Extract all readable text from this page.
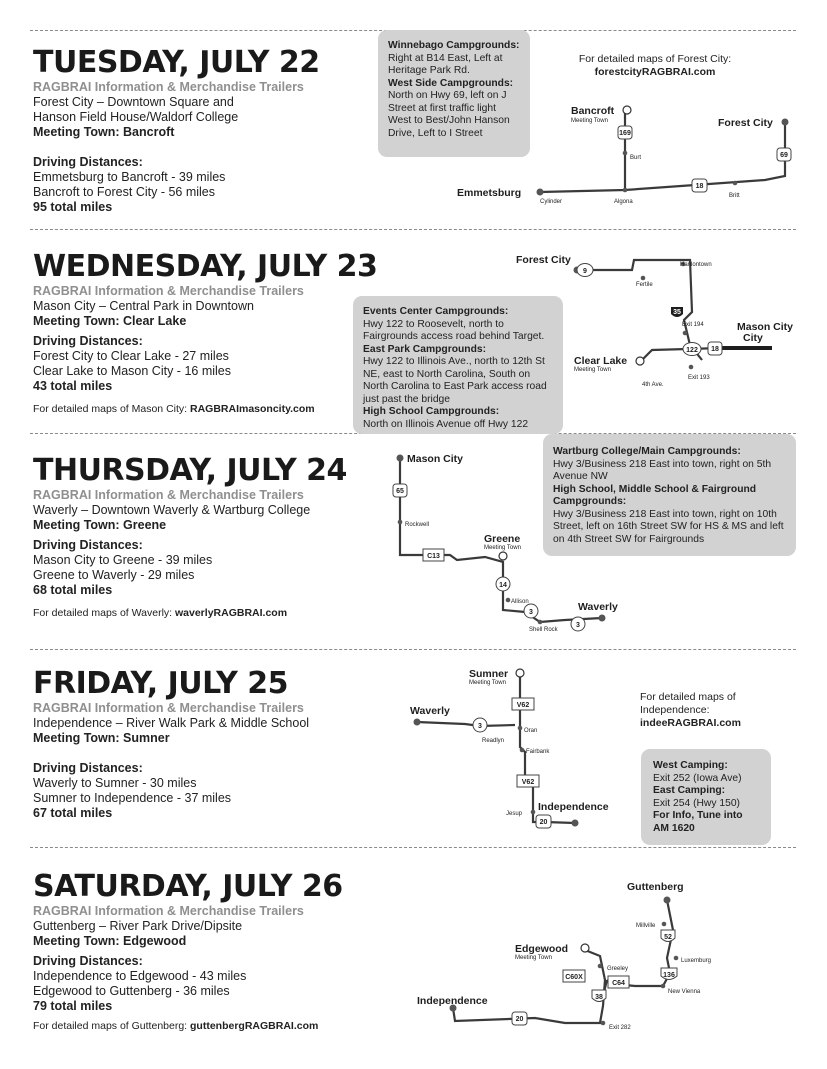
TUESDAY, JULY 22
RAGBRAI Information & Merchandise Trailers
Forest City – Downtown Square and
Hanson Field House/Waldorf College
Meeting Town: Bancroft
Driving Distances:
Emmetsburg to Bancroft - 39 miles
Bancroft to Forest City - 56 miles
95 total miles
Winnebago Campgrounds:
Right at B14 East, Left at Heritage Park Rd.
West Side Campgrounds:
North on Hwy 69, left on J Street at first traffic light West to Best/John Hanson Drive, Left to I Street
For detailed maps of Forest City:
forestcityRAGBRAI.com
Emmetsburg
Bancroft
Meeting Town	Forest City
Burt
Cylinder	Algona
Britt
169
69
18
WEDNESDAY, JULY 23
RAGBRAI Information & Merchandise Trailers
Mason City – Central Park in Downtown
Meeting Town: Clear Lake
Driving Distances:
Forest City to Clear Lake - 27 miles
Clear Lake to Mason City - 16 miles
43 total miles
For detailed maps of Mason City: RAGBRAImasoncity.com
Events Center Campgrounds:
Hwy 122 to Roosevelt, north to Fairgrounds access road behind Target.
East Park Campgrounds:
Hwy 122 to Illinois Ave., north to 12th St NE, east to North Carolina, South on North Carolina to East Park access road just past the bridge
High School Campgrounds:
North on Illinois Avenue off Hwy 122
Forest City
Clear Lake
Meeting Town
Mason City
City
Hanlontown
Fertile
Exit 194
Exit 193
4th Ave.
9
35
122 18
THURSDAY, JULY 24
RAGBRAI Information & Merchandise Trailers
Waverly – Downtown Waverly & Wartburg College
Meeting Town: Greene
Driving Distances:
Mason City to Greene - 39 miles
Greene to Waverly - 29 miles
68 total miles
For detailed maps of Waverly: waverlyRAGBRAI.com
Wartburg College/Main Campgrounds:
Hwy 3/Business 218 East into town, right on 5th Avenue NW
High School, Middle School & Fairground Campgrounds:
Hwy 3/Business 218 East into town, right on 10th Street, left on 16th Street SW for HS & MS and left on 4th Street SW for Fairgrounds
Mason City
Greene
Meeting Town
Waverly
Rockwell
Allison
Shell Rock
65
C13
14
3
3
FRIDAY, JULY 25
RAGBRAI Information & Merchandise Trailers
Independence – River Walk Park & Middle School
Meeting Town: Sumner
Driving Distances:
Waverly to Sumner - 30 miles
Sumner to Independence - 37 miles
67 total miles
For detailed maps of Independence:
indeeRAGBRAI.com
West Camping:
Exit 252 (Iowa Ave)
East Camping:
Exit 254 (Hwy 150)
For Info, Tune into AM 1620
Sumner
Meeting Town
Waverly
Independence
Oran
Readlyn
Fairbank
Jesup
V62
3
V62
20
SATURDAY, JULY 26
RAGBRAI Information & Merchandise Trailers
Guttenberg – River Park Drive/Dipsite
Meeting Town: Edgewood
Driving Distances:
Independence to Edgewood - 43 miles
Edgewood to Guttenberg - 36 miles
79 total miles
For detailed maps of Guttenberg: guttenbergRAGBRAI.com
Guttenberg
Edgewood
Meeting Town
Independence
Millville
Luxemburg
Greeley
New Vienna
Exit 282
52
136
C60X
C64
38
20
